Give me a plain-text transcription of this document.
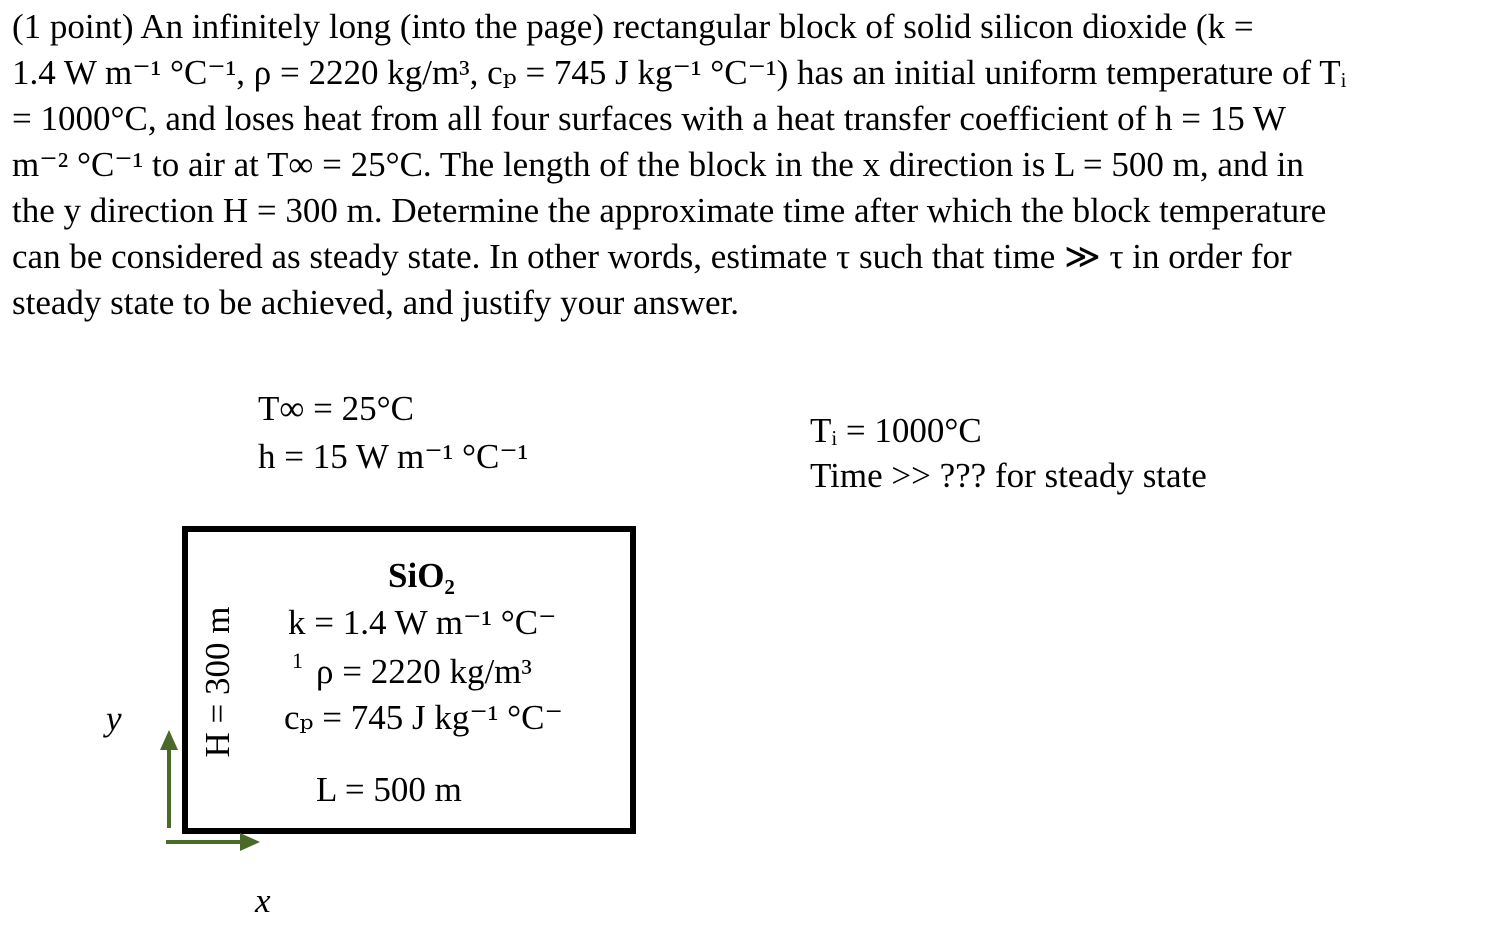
(1 point) An infinitely long (into the page) rectangular block of solid silicon dioxide (k =

1.4 W m⁻¹ °C⁻¹, ρ = 2220 kg/m³, cₚ = 745 J kg⁻¹ °C⁻¹) has an initial uniform temperature of Tᵢ

= 1000°C, and loses heat from all four surfaces with a heat transfer coefficient of h = 15 W

m⁻² °C⁻¹ to air at T∞ = 25°C. The length of the block in the x direction is L = 500 m, and in

the y direction H = 300 m. Determine the approximate time after which the block temperature

can be considered as steady state. In other words, estimate τ such that time ≫ τ in order for

steady state to be achieved, and justify your answer.

T∞ = 25°C
h = 15 W m⁻¹ °C⁻¹
Tᵢ = 1000°C
Time >> ??? for steady state
SiO₂
k = 1.4 W m⁻¹ °C⁻
1 ρ = 2220 kg/m³
cₚ = 745 J kg⁻¹ °C⁻
L = 500 m
H = 300 m
y
x
